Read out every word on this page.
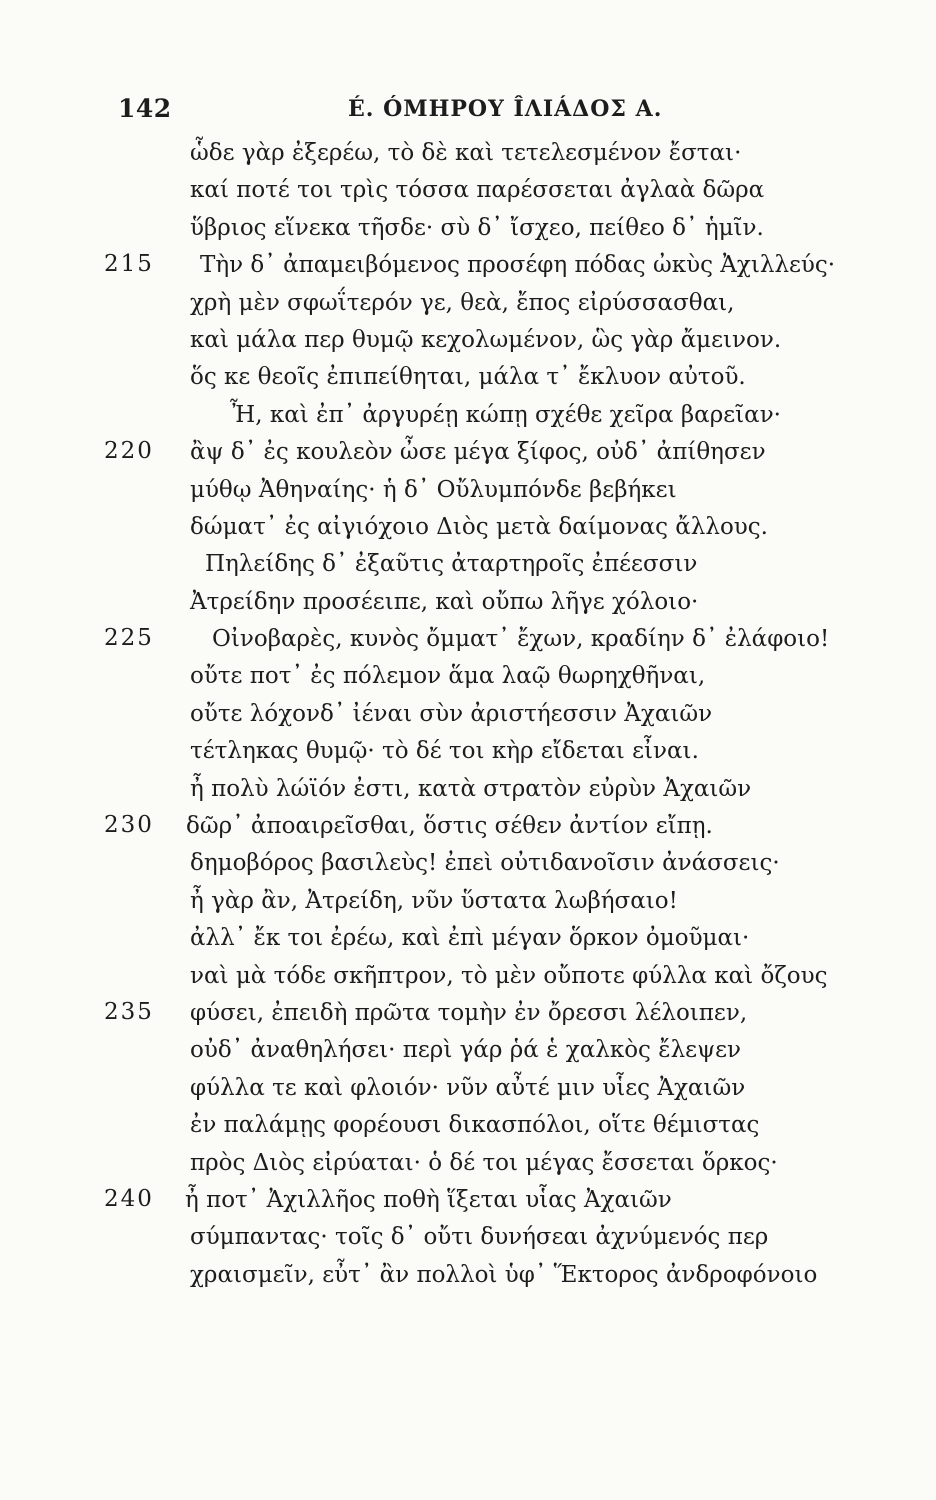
142	É. ÓMHPOY ÎΛΙÁΔΟΣ A.
ὧδε γὰρ ἐξερέω, τὸ δὲ καὶ τετελεσμένον ἔσται·
καί ποτέ τοι τρὶς τόσσα παρέσσεται ἀγλαὰ δῶρα
ὕβριος εἵνεκα τῆσδε· σὺ δ᾽ ἴσχεο, πείθεο δ᾽ ἡμῖν.
215	Τὴν δ᾽ ἀπαμειβόμενος προσέφη πόδας ὠκὺς Ἀχιλλεύς·
χρὴ μὲν σφωΐτερόν γε, θεὰ, ἔπος εἰρύσσασθαι,
καὶ μάλα περ θυμῷ κεχολωμένον, ὣς γὰρ ἄμεινον.
ὅς κε θεοῖς ἐπιπείθηται, μάλα τ᾽ ἔκλυον αὐτοῦ.
Ἦ, καὶ ἐπ᾽ ἀργυρέῃ κώπῃ σχέθε χεῖρα βαρεῖαν·
220	ἂψ δ᾽ ἐς κουλεὸν ὦσε μέγα ξίφος, οὐδ᾽ ἀπίθησεν
μύθῳ Ἀθηναίης· ἡ δ᾽ Οὔλυμπόνδε βεβήκει
δώματ᾽ ἐς αἰγιόχοιο Διὸς μετὰ δαίμονας ἄλλους.
Πηλείδης δ᾽ ἐξαῦτις ἀταρτηροῖς ἐπέεσσιν
Ἀτρείδην προσέειπε, καὶ οὔπω λῆγε χόλοιο·
225	Οἰνοβαρὲς, κυνὸς ὄμματ᾽ ἔχων, κραδίην δ᾽ ἐλάφοιο!
οὔτε ποτ᾽ ἐς πόλεμον ἅμα λαῷ θωρηχθῆναι,
οὔτε λόχονδ᾽ ἰέναι σὺν ἀριστήεσσιν Ἀχαιῶν
τέτληκας θυμῷ· τὸ δέ τοι κὴρ εἴδεται εἶναι.
ἦ πολὺ λώϊόν ἐστι, κατὰ στρατὸν εὐρὺν Ἀχαιῶν
230	δῶρ᾽ ἀποαιρεῖσθαι, ὅστις σέθεν ἀντίον εἴπῃ.
δημοβόρος βασιλεὺς! ἐπεὶ οὐτιδανοῖσιν ἀνάσσεις·
ἦ γὰρ ἂν, Ἀτρείδη, νῦν ὕστατα λωβήσαιο!
ἀλλ᾽ ἔκ τοι ἐρέω, καὶ ἐπὶ μέγαν ὅρκον ὀμοῦμαι·
ναὶ μὰ τόδε σκῆπτρον, τὸ μὲν οὔποτε φύλλα καὶ ὄζους
235	φύσει, ἐπειδὴ πρῶτα τομὴν ἐν ὄρεσσι λέλοιπεν,
οὐδ᾽ ἀναθηλήσει· περὶ γάρ ῥά ἑ χαλκὸς ἔλεψεν
φύλλα τε καὶ φλοιόν· νῦν αὖτέ μιν υἷες Ἀχαιῶν
ἐν παλάμῃς φορέουσι δικασπόλοι, οἵτε θέμιστας
πρὸς Διὸς εἰρύαται· ὁ δέ τοι μέγας ἔσσεται ὅρκος·
240	ἦ ποτ᾽ Ἀχιλλῆος ποθὴ ἵξεται υἷας Ἀχαιῶν
σύμπαντας· τοῖς δ᾽ οὔτι δυνήσεαι ἀχνύμενός περ
χραισμεῖν, εὖτ᾽ ἂν πολλοὶ ὑφ᾽ Ἕκτορος ἀνδροφόνοιο
